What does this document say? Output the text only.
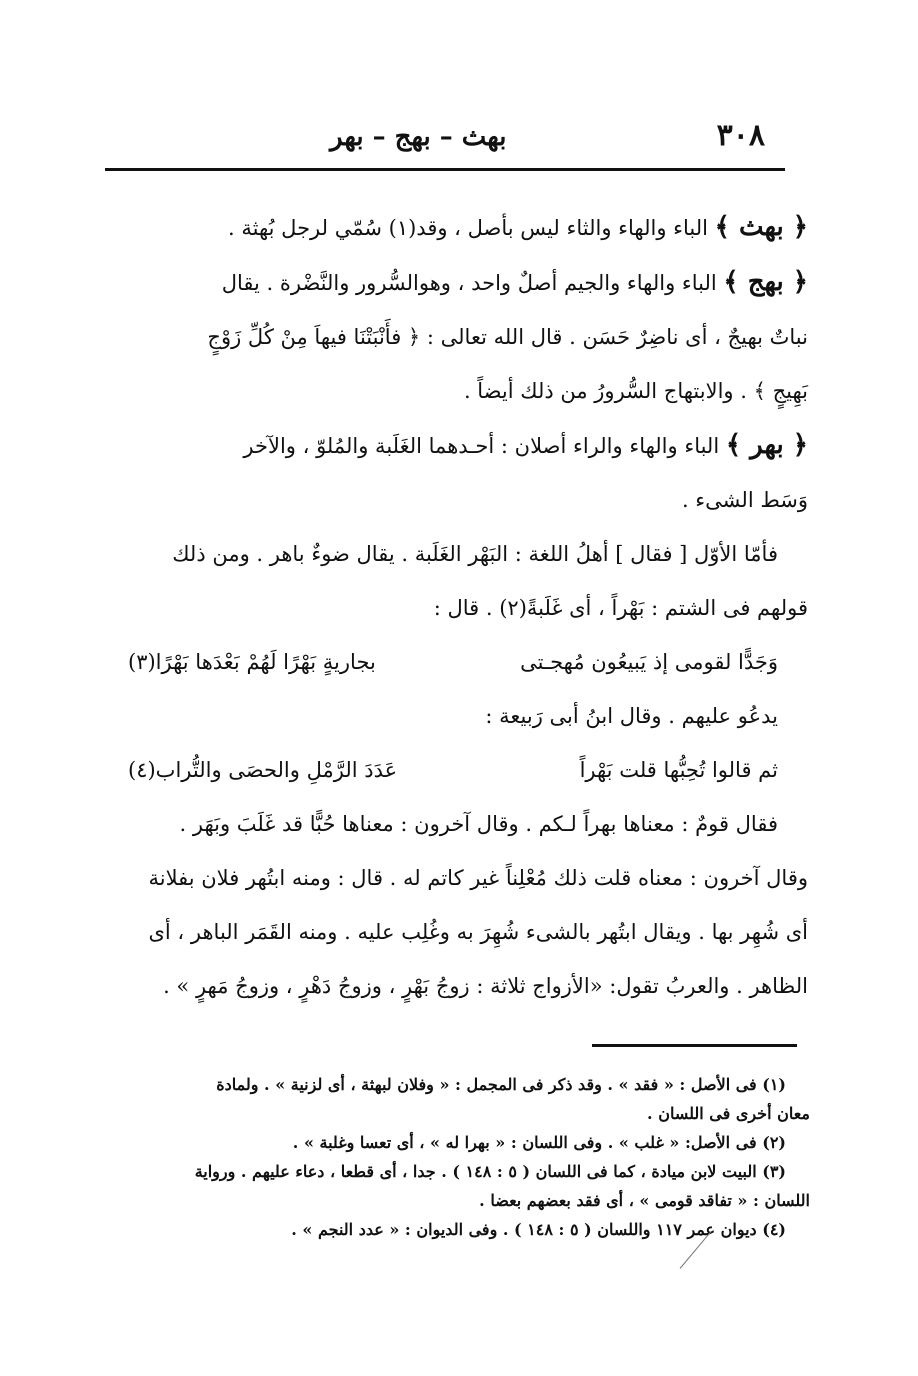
٣٠٨
بهث – بهج – بهر

﴿ بهث ﴾ الباء والهاء والثاء ليس بأصل ، وقد(١) سُمّي لرجل بُهثة .

﴿ بهج ﴾ الباء والهاء والجيم أصلٌ واحد ، وهوالسُّرور والنَّضْرة . يقال

نباتٌ بهيجٌ ، أى ناضِرٌ حَسَن . قال الله تعالى : ﴿ فأَنْبَتْنَا فيهاَ مِنْ كُلِّ زَوْجٍ

بَهِيجٍ ﴾ . والابتهاج السُّرورُ من ذلك أيضاً .

﴿ بهر ﴾ الباء والهاء والراء أصلان : أحـدهما الغَلَبة والمُلوّ ، والآخر

وَسَط الشىء .

فأمّا الأوّل [ فقال ] أهلُ اللغة : البَهْر الغَلَبة . يقال ضوءٌ باهر . ومن ذلك

قولهم فى الشتم : بَهْراً ، أى غَلَبةً(٢) . قال :

وَجَدًّا لقومى إذ يَبيعُون مُهجـتى
بجاريةٍ بَهْرًا لَهُمْ بَعْدَها بَهْرًا(٣)

يدعُو عليهم . وقال ابنُ أبى رَبيعة :

ثم قالوا تُحِبُّها قلت بَهْراً
عَدَدَ الرَّمْلِ والحصَى والتُّراب(٤)

فقال قومٌ : معناها بهراً لـكم . وقال آخرون : معناها حُبًّا قد غَلَبَ وبَهَر .

وقال آخرون : معناه قلت ذلك مُعْلِناً غير كاتم له . قال : ومنه ابتُهر فلان بفلانة

أى شُهِر بها . ويقال ابتُهر بالشىء شُهِرَ به وغُلِب عليه . ومنه القَمَر الباهر ، أى

الظاهر . والعربُ تقول: «الأزواج ثلاثة : زوجُ بَهْرٍ ، وزوجُ دَهْرٍ ، وزوجُ مَهرٍ » .

(١) فى الأصل : « فقد » . وقد ذكر فى المجمل : « وفلان لبهثة ، أى لزنية » . ولمادة

معان أخرى فى اللسان .

(٢) فى الأصل: « غلب » . وفى اللسان : « بهرا له » ، أى تعسا وغلبة » .

(٣) البيت لابن ميادة ، كما فى اللسان ( ٥ : ١٤٨ ) . جدا ، أى قطعا ، دعاء عليهم . ورواية

اللسان : « تفاقد قومى » ، أى فقد بعضهم بعضا .

(٤) ديوان عمر ١١٧ واللسان ( ٥ : ١٤٨ ) . وفى الديوان : « عدد النجم » .
